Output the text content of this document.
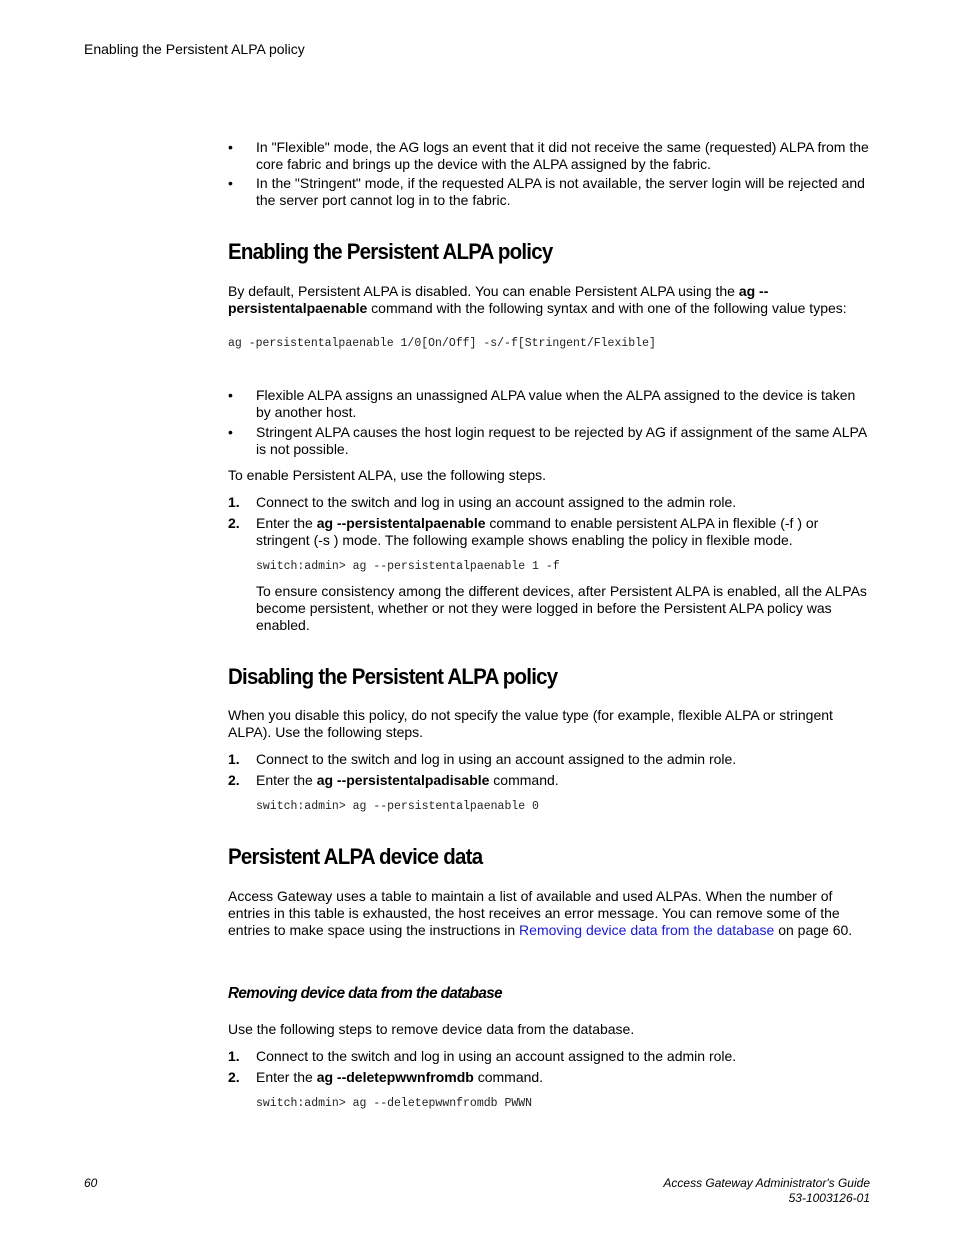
Enabling the Persistent ALPA policy
•	In "Flexible" mode, the AG logs an event that it did not receive the same (requested) ALPA from the core fabric and brings up the device with the ALPA assigned by the fabric.
•	In the "Stringent" mode, if the requested ALPA is not available, the server login will be rejected and the server port cannot log in to the fabric.
Enabling the Persistent ALPA policy

By default, Persistent ALPA is disabled. You can enable Persistent ALPA using the ag --persistentalpaenable command with the following syntax and with one of the following value types:

ag -persistentalpaenable 1/0[On/Off] -s/-f[Stringent/Flexible]
•	Flexible ALPA assigns an unassigned ALPA value when the ALPA assigned to the device is taken by another host.
•	Stringent ALPA causes the host login request to be rejected by AG if assignment of the same ALPA is not possible.

To enable Persistent ALPA, use the following steps.

1. Connect to the switch and log in using an account assigned to the admin role.
2. Enter the ag --persistentalpaenable command to enable persistent ALPA in flexible (-f ) or stringent (-s ) mode. The following example shows enabling the policy in flexible mode.
switch:admin> ag --persistentalpaenable 1 -f

To ensure consistency among the different devices, after Persistent ALPA is enabled, all the ALPAs become persistent, whether or not they were logged in before the Persistent ALPA policy was enabled.

Disabling the Persistent ALPA policy

When you disable this policy, do not specify the value type (for example, flexible ALPA or stringent ALPA). Use the following steps.

1. Connect to the switch and log in using an account assigned to the admin role.
2. Enter the ag --persistentalpadisable command.
switch:admin> ag --persistentalpaenable 0
Persistent ALPA device data

Access Gateway uses a table to maintain a list of available and used ALPAs. When the number of entries in this table is exhausted, the host receives an error message. You can remove some of the entries to make space using the instructions in Removing device data from the database on page 60.

Removing device data from the database

Use the following steps to remove device data from the database.

1. Connect to the switch and log in using an account assigned to the admin role.
2. Enter the ag --deletepwwnfromdb command.
switch:admin> ag --deletepwwnfromdb PWWN
60	Access Gateway Administrator's Guide
53-1003126-01
